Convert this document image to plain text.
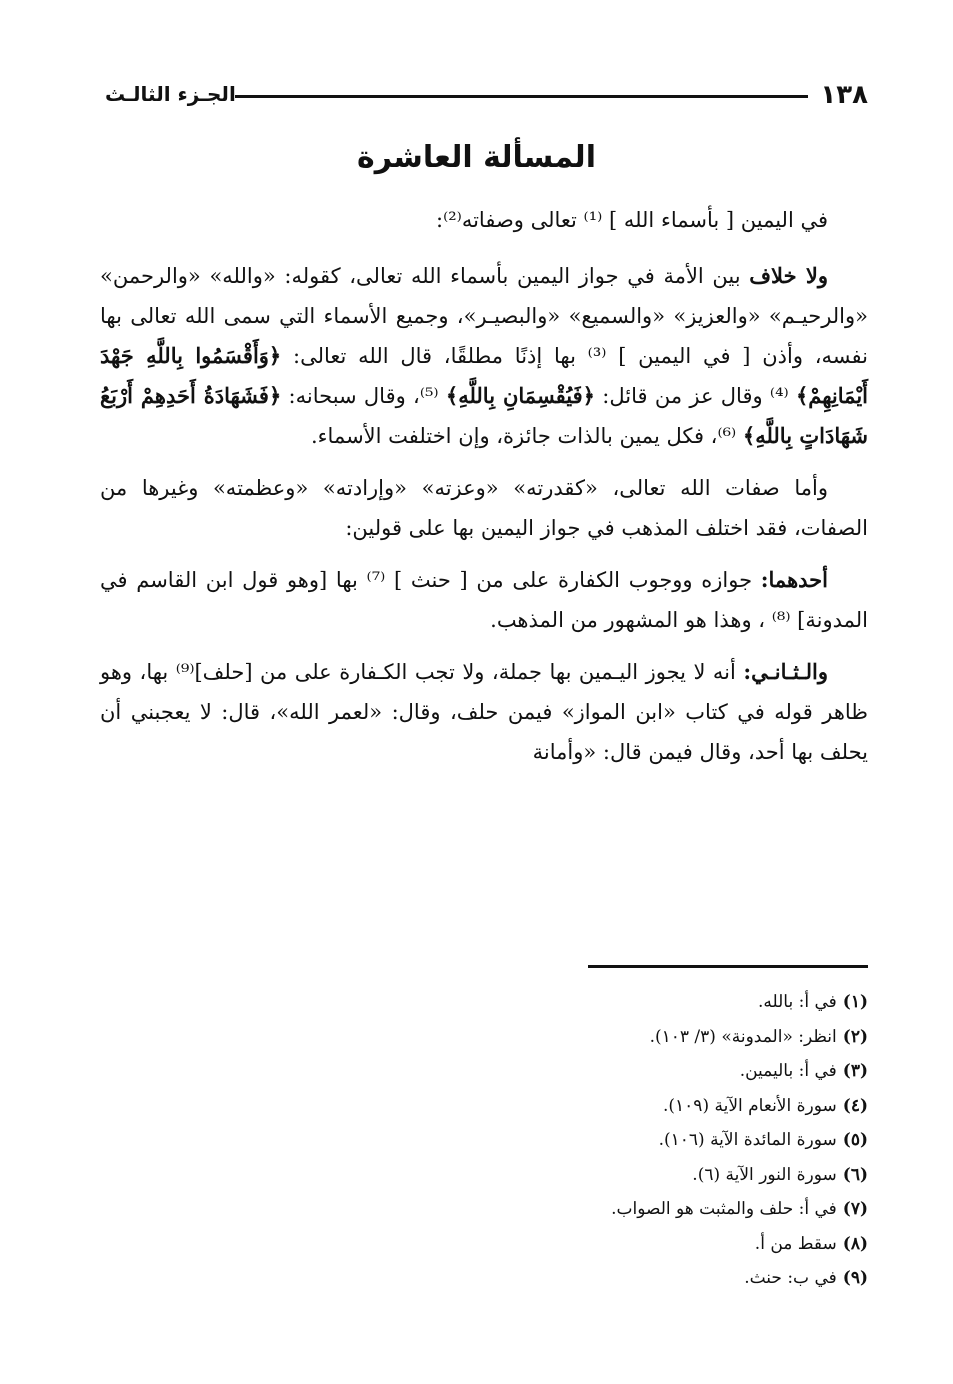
١٣٨
الجـزء الثالـث
المسألة العاشرة

في اليمين [ بأسماء الله ] ⁽¹⁾ تعالى وصفاته⁽²⁾:

ولا خلاف بين الأمة في جواز اليمين بأسماء الله تعالى، كقوله: «والله» «والرحمن» «والرحيـم» «والعزيز» «والسميع» «والبصيـر»، وجميع الأسماء التي سمى الله تعالى بها نفسه، وأذن [ في اليمين ] ⁽³⁾ بها إذنًا مطلقًا، قال الله تعالى: ﴿وَأَقْسَمُوا بِاللَّهِ جَهْدَ أَيْمَانِهِمْ﴾ ⁽⁴⁾ وقال عز من قائل: ﴿فَيُقْسِمَانِ بِاللَّهِ﴾ ⁽⁵⁾، وقال سبحانه: ﴿فَشَهَادَةُ أَحَدِهِمْ أَرْبَعُ شَهَادَاتٍ بِاللَّهِ﴾ ⁽⁶⁾، فكل يمين بالذات جائزة، وإن اختلفت الأسماء.

وأما صفات الله تعالى، «كقدرته» «وعزته» «وإرادته» «وعظمته» وغيرها من الصفات، فقد اختلف المذهب في جواز اليمين بها على قولين:

أحدهما: جوازه ووجوب الكفارة على من [ حنث ] ⁽⁷⁾ بها [وهو قول ابن القاسم في المدونة] ⁽⁸⁾ ، وهذا هو المشهور من المذهب.

والـثـانـي: أنه لا يجوز اليـمين بها جملة، ولا تجب الكـفارة على من [حلف]⁽⁹⁾ بها، وهو ظاهر قوله في كتاب «ابن المواز» فيمن حلف، وقال: «لعمر الله»، قال: لا يعجبني أن يحلف بها أحد، وقال فيمن قال: «وأمانة

(١)في أ: بالله.
(٢)انظر: «المدونة» (٣/ ١٠٣).
(٣)في أ: باليمين.
(٤)سورة الأنعام الآية (١٠٩).
(٥)سورة المائدة الآية (١٠٦).
(٦)سورة النور الآية (٦).
(٧)في أ: حلف والمثبت هو الصواب.
(٨)سقط من أ.
(٩)في ب: حنث.
